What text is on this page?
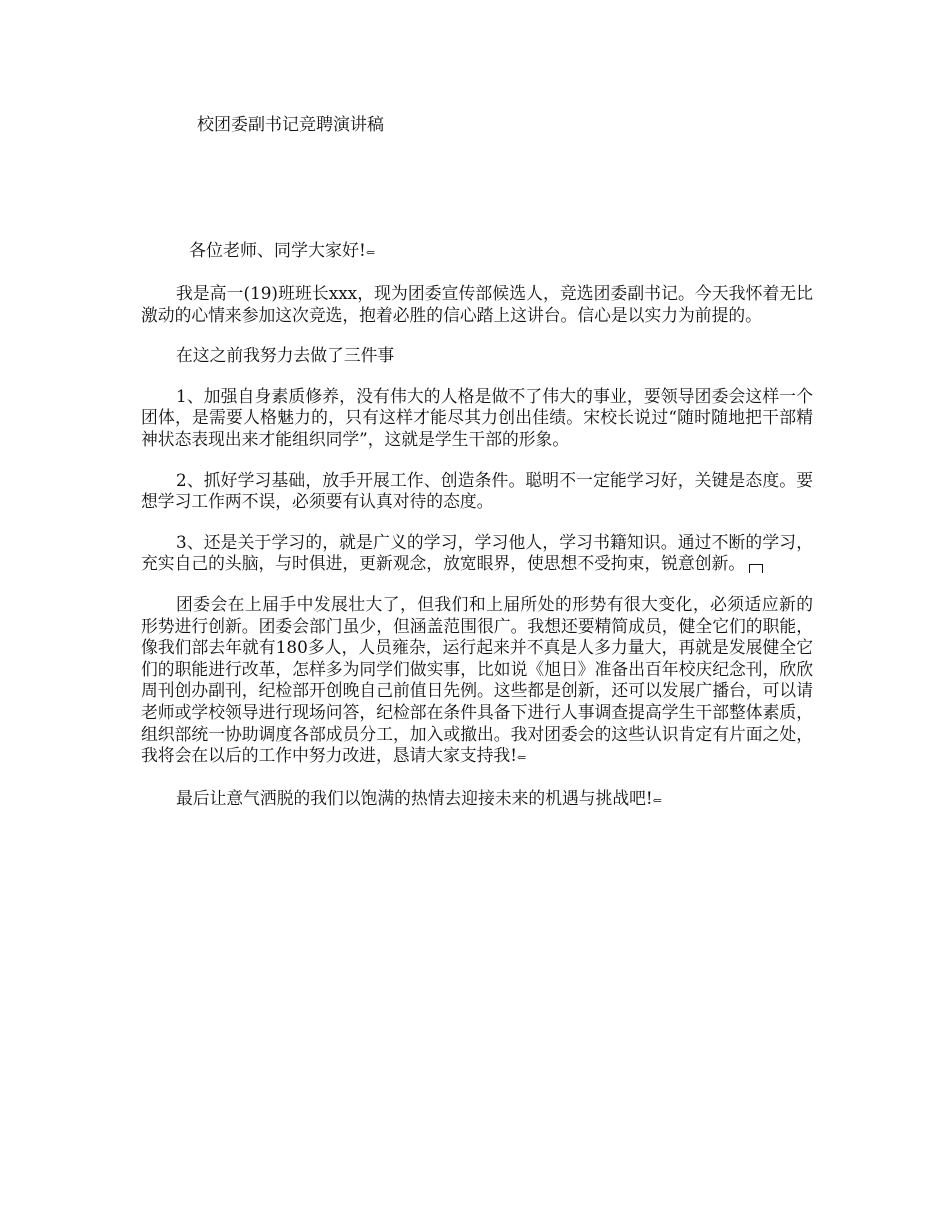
校团委副书记竞聘演讲稿

各位老师、同学大家好!⇐

我是高一(19)班班长xxx，现为团委宣传部候选人，竞选团委副书记。今天我怀着无比激动的心情来参加这次竞选，抱着必胜的信心踏上这讲台。信心是以实力为前提的。

在这之前我努力去做了三件事

1、加强自身素质修养，没有伟大的人格是做不了伟大的事业，要领导团委会这样一个团体，是需要人格魅力的，只有这样才能尽其力创出佳绩。宋校长说过“随时随地把干部精神状态表现出来才能组织同学”，这就是学生干部的形象。

2、抓好学习基础，放手开展工作、创造条件。聪明不一定能学习好，关键是态度。要想学习工作两不误，必须要有认真对待的态度。

3、还是关于学习的，就是广义的学习，学习他人，学习书籍知识。通过不断的学习，充实自己的头脑，与时俱进，更新观念，放宽眼界，使思想不受拘束，锐意创新。

团委会在上届手中发展壮大了，但我们和上届所处的形势有很大变化，必须适应新的形势进行创新。团委会部门虽少，但涵盖范围很广。我想还要精简成员，健全它们的职能，像我们部去年就有180多人，人员雍杂，运行起来并不真是人多力量大，再就是发展健全它们的职能进行改革，怎样多为同学们做实事，比如说《旭日》准备出百年校庆纪念刊，欣欣周刊创办副刊，纪检部开创晚自己前值日先例。这些都是创新，还可以发展广播台，可以请老师或学校领导进行现场问答，纪检部在条件具备下进行人事调查提高学生干部整体素质，组织部统一协助调度各部成员分工，加入或撤出。我对团委会的这些认识肯定有片面之处，我将会在以后的工作中努力改进，恳请大家支持我!⇐

最后让意气洒脱的我们以饱满的热情去迎接未来的机遇与挑战吧!⇐
